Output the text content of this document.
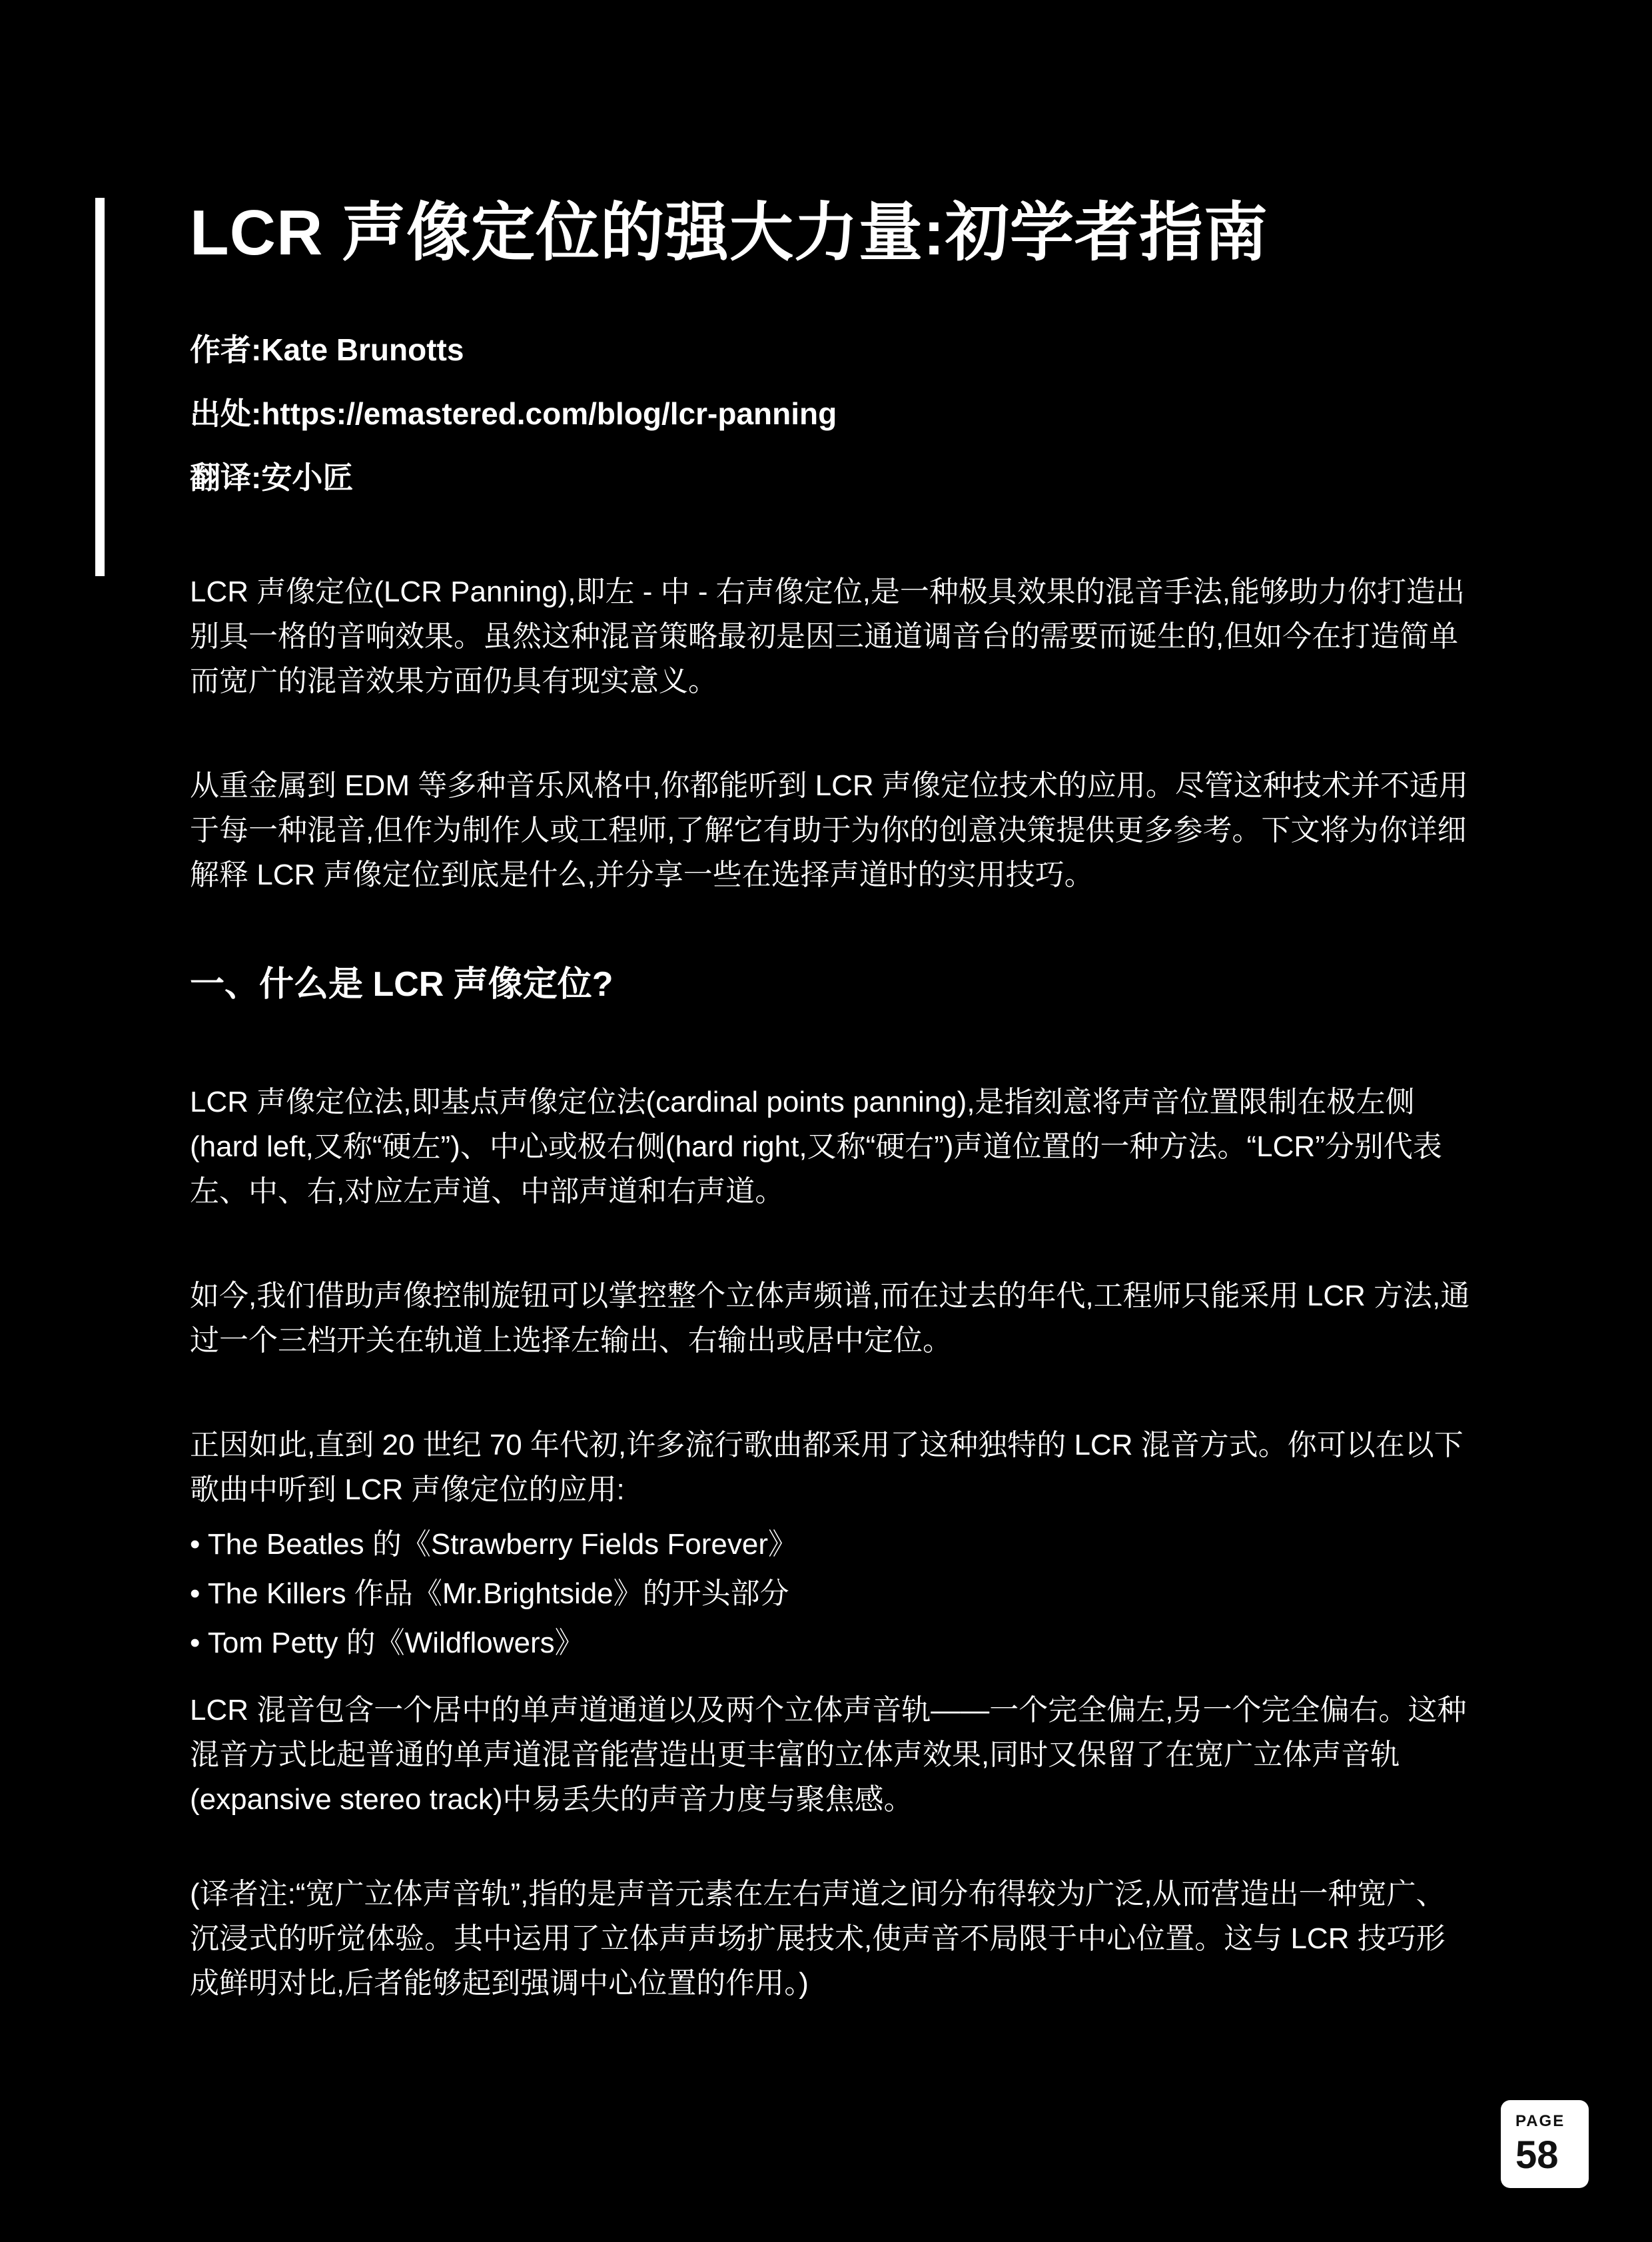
LCR 声像定位的强大力量:初学者指南

作者:Kate Brunotts

出处:https://emastered.com/blog/lcr-panning

翻译:安小匠

LCR 声像定位(LCR Panning),即左 - 中 - 右声像定位,是一种极具效果的混音手法,能够助力你打造出别具一格的音响效果。虽然这种混音策略最初是因三通道调音台的需要而诞生的,但如今在打造简单而宽广的混音效果方面仍具有现实意义。

从重金属到 EDM 等多种音乐风格中,你都能听到 LCR 声像定位技术的应用。尽管这种技术并不适用于每一种混音,但作为制作人或工程师,了解它有助于为你的创意决策提供更多参考。下文将为你详细解释 LCR 声像定位到底是什么,并分享一些在选择声道时的实用技巧。

一、什么是 LCR 声像定位?

LCR 声像定位法,即基点声像定位法(cardinal points panning),是指刻意将声音位置限制在极左侧(hard left,又称“硬左”)、中心或极右侧(hard right,又称“硬右”)声道位置的一种方法。“LCR”分别代表左、中、右,对应左声道、中部声道和右声道。

如今,我们借助声像控制旋钮可以掌控整个立体声频谱,而在过去的年代,工程师只能采用 LCR 方法,通过一个三档开关在轨道上选择左输出、右输出或居中定位。

正因如此,直到 20 世纪 70 年代初,许多流行歌曲都采用了这种独特的 LCR 混音方式。你可以在以下歌曲中听到 LCR 声像定位的应用:

• The Beatles 的《Strawberry Fields Forever》
• The Killers 作品《Mr.Brightside》的开头部分
• Tom Petty 的《Wildflowers》

LCR 混音包含一个居中的单声道通道以及两个立体声音轨——一个完全偏左,另一个完全偏右。这种混音方式比起普通的单声道混音能营造出更丰富的立体声效果,同时又保留了在宽广立体声音轨(expansive stereo track)中易丢失的声音力度与聚焦感。

(译者注:“宽广立体声音轨”,指的是声音元素在左右声道之间分布得较为广泛,从而营造出一种宽广、沉浸式的听觉体验。其中运用了立体声声场扩展技术,使声音不局限于中心位置。这与 LCR 技巧形成鲜明对比,后者能够起到强调中心位置的作用。)

PAGE
58
